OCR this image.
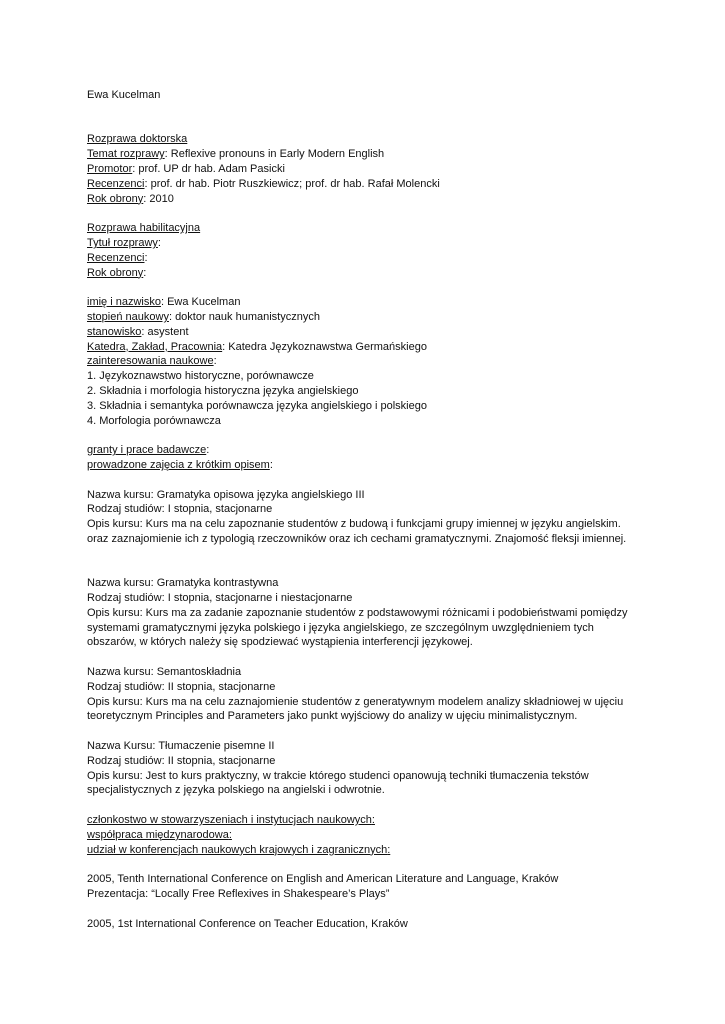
Ewa Kucelman
Rozprawa doktorska
Temat rozprawy: Reflexive pronouns in Early Modern English
Promotor: prof. UP dr hab. Adam Pasicki
Recenzenci: prof. dr hab. Piotr Ruszkiewicz; prof. dr hab. Rafał Molencki
Rok obrony: 2010
Rozprawa habilitacyjna
Tytuł rozprawy:
Recenzenci:
Rok obrony:
imię i nazwisko: Ewa Kucelman
stopień naukowy: doktor nauk humanistycznych
stanowisko: asystent
Katedra, Zakład, Pracownia: Katedra Językoznawstwa Germańskiego
zainteresowania naukowe:
1. Językoznawstwo historyczne, porównawcze
2. Składnia i morfologia historyczna języka angielskiego
3. Składnia i semantyka porównawcza języka angielskiego i polskiego
4. Morfologia porównawcza
granty i prace badawcze:
prowadzone zajęcia z krótkim opisem:
Nazwa kursu: Gramatyka opisowa języka angielskiego III
Rodzaj studiów: I stopnia, stacjonarne
Opis kursu: Kurs ma na celu zapoznanie studentów z budową i funkcjami grupy imiennej w języku angielskim.
oraz zaznajomienie ich z typologią rzeczowników oraz ich cechami gramatycznymi. Znajomość fleksji imiennej.
Nazwa kursu: Gramatyka kontrastywna
Rodzaj studiów: I stopnia, stacjonarne i niestacjonarne
Opis kursu: Kurs ma za zadanie zapoznanie studentów z podstawowymi różnicami i podobieństwami pomiędzy
systemami gramatycznymi języka polskiego i języka angielskiego, ze szczególnym uwzględnieniem tych
obszarów, w których należy się spodziewać wystąpienia interferencji językowej.
Nazwa kursu: Semantoskładnia
Rodzaj studiów: II stopnia, stacjonarne
Opis kursu: Kurs ma na celu zaznajomienie studentów z generatywnym modelem analizy składniowej w ujęciu
teoretycznym Principles and Parameters jako punkt wyjściowy do analizy w ujęciu minimalistycznym.
Nazwa Kursu: Tłumaczenie pisemne II
Rodzaj studiów: II stopnia, stacjonarne
Opis kursu: Jest to kurs praktyczny, w trakcie którego studenci opanowują techniki tłumaczenia tekstów
specjalistycznych z języka polskiego na angielski i odwrotnie.
członkostwo w stowarzyszeniach i instytucjach naukowych:
współpraca międzynarodowa:
udział w konferencjach naukowych krajowych i zagranicznych:
2005, Tenth International Conference on English and American Literature and Language, Kraków
Prezentacja: “Locally Free Reflexives in Shakespeare’s Plays”
2005, 1st International Conference on Teacher Education, Kraków
